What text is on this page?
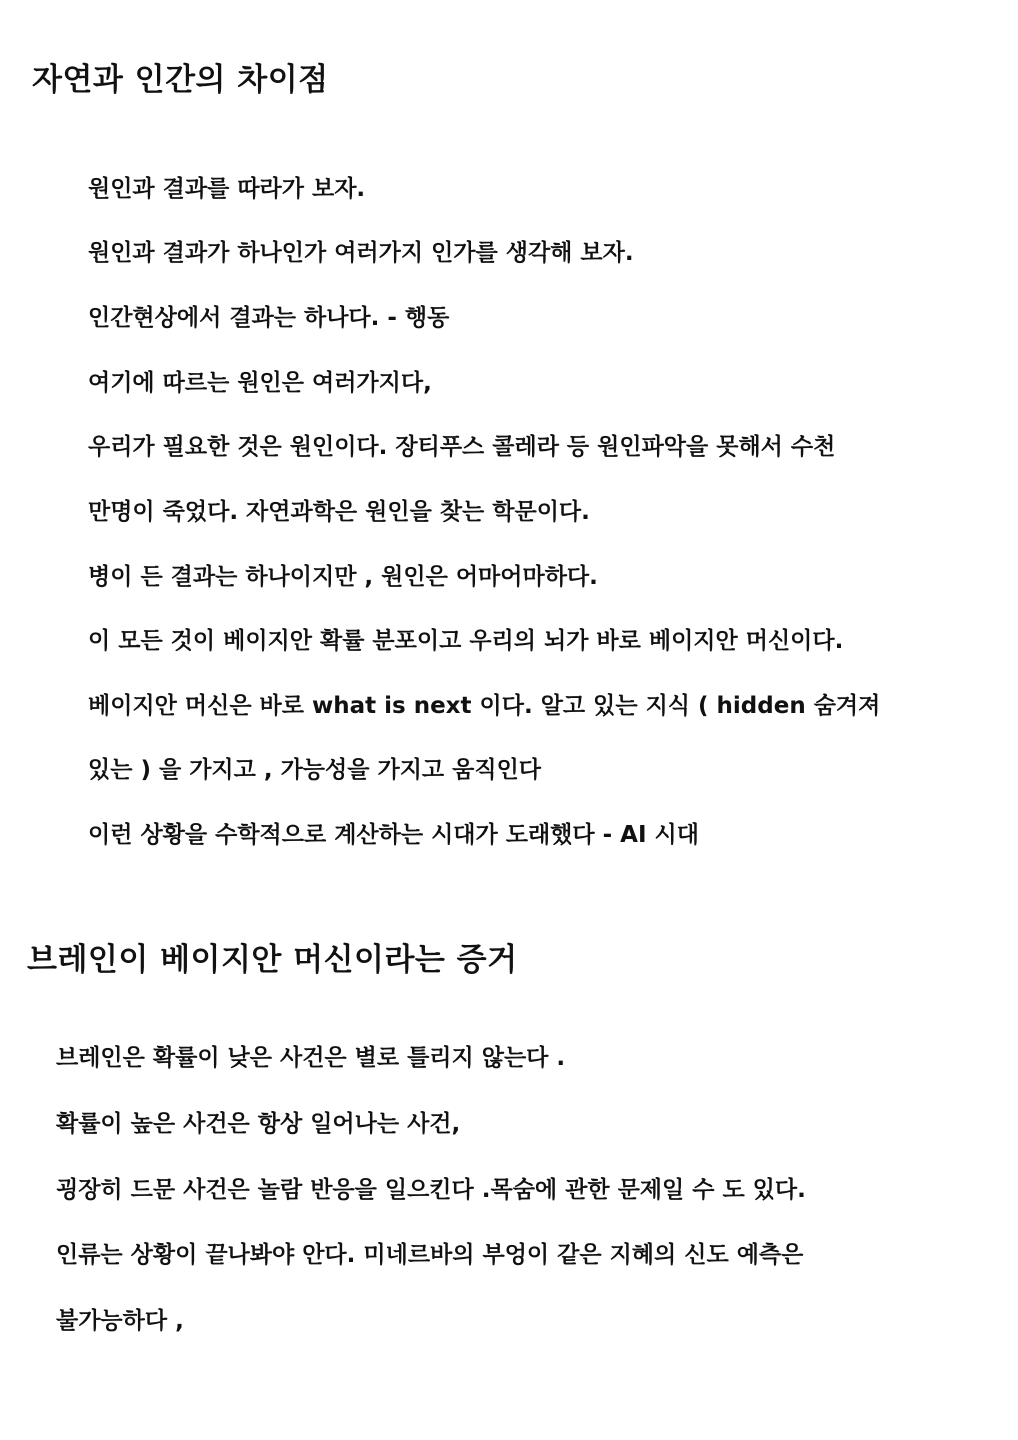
자연과 인간의 차이점

원인과 결과를 따라가 보자.

원인과 결과가 하나인가 여러가지 인가를 생각해 보자.

인간현상에서 결과는 하나다. - 행동

여기에 따르는 원인은 여러가지다,

우리가 필요한 것은 원인이다. 장티푸스 콜레라 등 원인파악을 못해서 수천

만명이 죽었다. 자연과학은 원인을 찾는 학문이다.

병이 든 결과는 하나이지만 , 원인은 어마어마하다.

이 모든 것이 베이지안 확률 분포이고 우리의 뇌가 바로 베이지안 머신이다.

베이지안 머신은 바로 what is next 이다. 알고 있는 지식 ( hidden 숨겨져

있는 ) 을 가지고 , 가능성을 가지고 움직인다

이런 상황을 수학적으로 계산하는 시대가 도래했다 - AI 시대

브레인이 베이지안 머신이라는 증거

브레인은 확률이 낮은 사건은 별로 틀리지 않는다 .

확률이 높은 사건은 항상 일어나는 사건,

굉장히 드문 사건은 놀람 반응을 일으킨다 .목숨에 관한 문제일 수 도 있다.

인류는 상황이 끝나봐야 안다. 미네르바의 부엉이 같은 지혜의 신도 예측은

불가능하다 ,
